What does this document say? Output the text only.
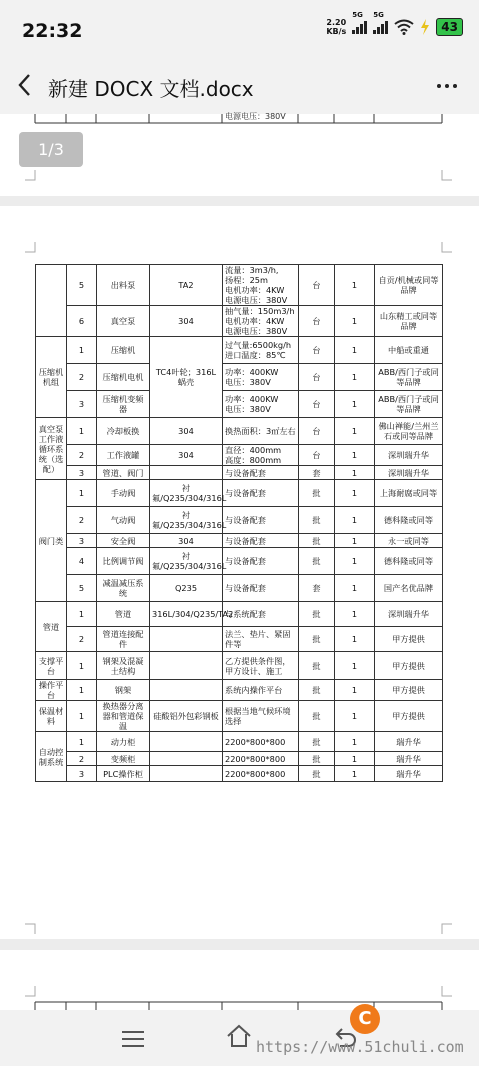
22:32	2.20
KB/s
5G 5G
43
新建 DOCX 文档.docx
电源电压：380V
1/3
	5	出料泵	TA2	流量：3m3/h,
扬程：25m
电机功率：4KW
电源电压：380V	台	1	自贡/机械或同等品牌
	6	真空泵	304	抽气量：150m3/h
电机功率：4KW
电源电压：380V	台	1	山东精工或同等品牌
压缩机机组	1	压缩机	TC4叶轮；316L蜗壳	过气量:6500kg/h
进口温度：85℃	台	1	中船或重通
	2	压缩机电机		功率：400KW
电压：380V	台	1	ABB/西门子或同等品牌
	3	压缩机变频器		功率：400KW
电压：380V	台	1	ABB/西门子或同等品牌
真空泵工作液循环系统（选配）	1	冷却板换	304	换热面积：3㎡左右	台	1	佛山禅能/兰州兰石或同等品牌
	2	工作液罐	304	直径：400mm
高度：800mm	台	1	深圳瑞升华
	3	管道、阀门		与设备配套	套	1	深圳瑞升华
阀门类	1	手动阀	衬氟/Q235/304/316L	与设备配套	批	1	上海耐腐或同等
	2	气动阀	衬氟/Q235/304/316L	与设备配套	批	1	德科隆或同等
	3	安全阀	304	与设备配套	批	1	永一或同等
	4	比例调节阀	衬氟/Q235/304/316L	与设备配套	批	1	德科隆或同等
	5	减温减压系统	Q235	与设备配套	套	1	国产名优品牌
管道	1	管道	316L/304/Q235/TA2	与系统配套	批	1	深圳瑞升华
	2	管道连接配件		法兰、垫片、紧固件等	批	1	甲方提供
支撑平台	1	钢架及混凝土结构		乙方提供条件图，甲方设计、施工	批	1	甲方提供
操作平台	1	钢架		系统内操作平台	批	1	甲方提供
保温材料	1	换热器分离器和管道保温	硅酸铝外包彩钢板	根据当地气候环境选择	批	1	甲方提供
自动控制系统	1	动力柜		2200*800*800	批	1	瑞升华
	2	变频柜		2200*800*800	批	1	瑞升华
	3	PLC操作柜		2200*800*800	批	1	瑞升华
C
https://www.51chuli.com
